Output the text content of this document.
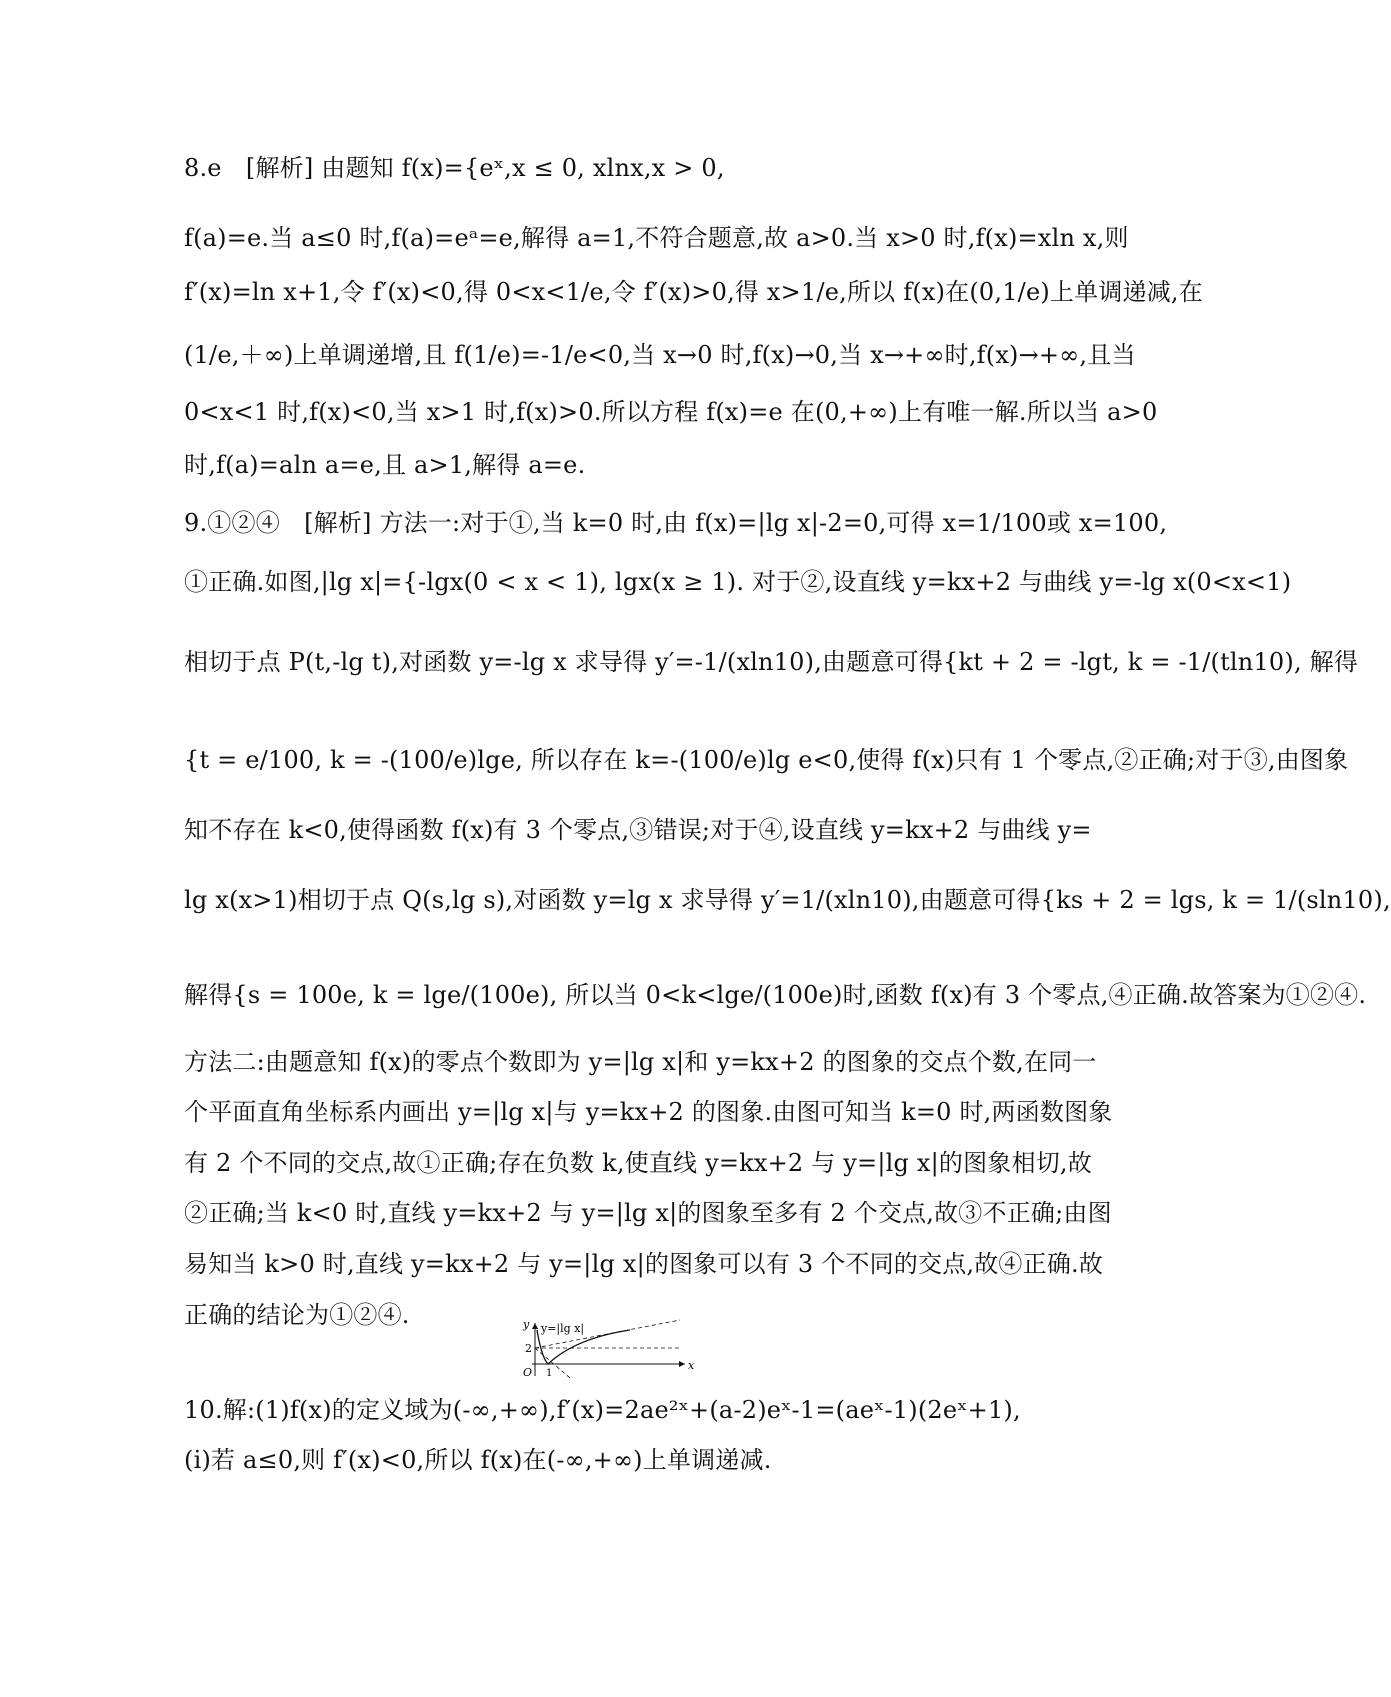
8.e　[解析] 由题知 f(x)={eˣ,x ≤ 0, xlnx,x > 0,
f(a)=e.当 a≤0 时,f(a)=eᵃ=e,解得 a=1,不符合题意,故 a>0.当 x>0 时,f(x)=xln x,则
f′(x)=ln x+1,令 f′(x)<0,得 0<x<1/e,令 f′(x)>0,得 x>1/e,所以 f(x)在(0,1/e)上单调递减,在
(1/e,＋∞)上单调递增,且 f(1/e)=-1/e<0,当 x→0 时,f(x)→0,当 x→+∞时,f(x)→+∞,且当
0<x<1 时,f(x)<0,当 x>1 时,f(x)>0.所以方程 f(x)=e 在(0,+∞)上有唯一解.所以当 a>0
时,f(a)=aln a=e,且 a>1,解得 a=e.
9.①②④　[解析] 方法一:对于①,当 k=0 时,由 f(x)=|lg x|-2=0,可得 x=1/100或 x=100,
①正确.如图,|lg x|={-lgx(0 < x < 1), lgx(x ≥ 1). 对于②,设直线 y=kx+2 与曲线 y=-lg x(0<x<1)
相切于点 P(t,-lg t),对函数 y=-lg x 求导得 y′=-1/(xln10),由题意可得{kt + 2 = -lgt, k = -1/(tln10), 解得
{t = e/100, k = -(100/e)lge, 所以存在 k=-(100/e)lg e<0,使得 f(x)只有 1 个零点,②正确;对于③,由图象
知不存在 k<0,使得函数 f(x)有 3 个零点,③错误;对于④,设直线 y=kx+2 与曲线 y=
lg x(x>1)相切于点 Q(s,lg s),对函数 y=lg x 求导得 y′=1/(xln10),由题意可得{ks + 2 = lgs, k = 1/(sln10),
解得{s = 100e, k = lge/(100e), 所以当 0<k<lge/(100e)时,函数 f(x)有 3 个零点,④正确.故答案为①②④.
方法二:由题意知 f(x)的零点个数即为 y=|lg x|和 y=kx+2 的图象的交点个数,在同一
个平面直角坐标系内画出 y=|lg x|与 y=kx+2 的图象.由图可知当 k=0 时,两函数图象
有 2 个不同的交点,故①正确;存在负数 k,使直线 y=kx+2 与 y=|lg x|的图象相切,故
②正确;当 k<0 时,直线 y=kx+2 与 y=|lg x|的图象至多有 2 个交点,故③不正确;由图
易知当 k>0 时,直线 y=kx+2 与 y=|lg x|的图象可以有 3 个不同的交点,故④正确.故
正确的结论为①②④.	y=|lg x|
y
x
O
2
1
10.解:(1)f(x)的定义域为(-∞,+∞),f′(x)=2ae²ˣ+(a-2)eˣ-1=(aeˣ-1)(2eˣ+1),
(i)若 a≤0,则 f′(x)<0,所以 f(x)在(-∞,+∞)上单调递减.
